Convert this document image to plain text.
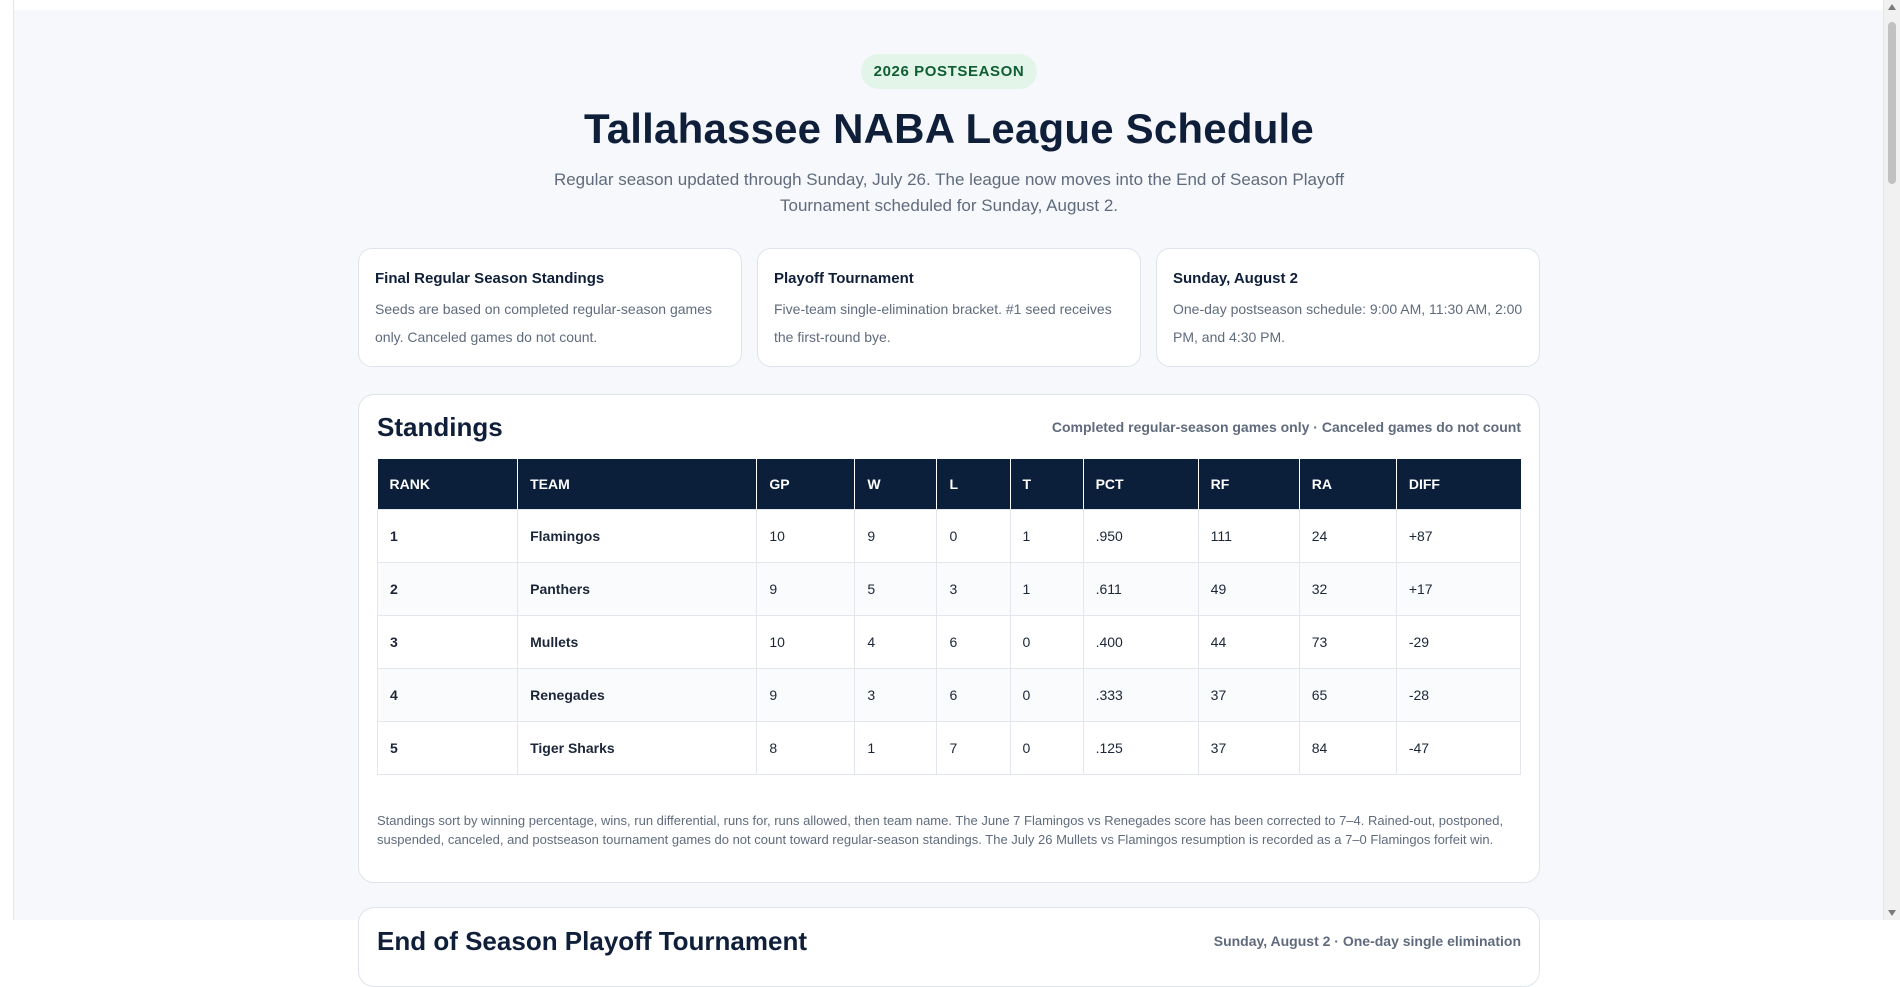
2026 POSTSEASON
Tallahassee NABA League Schedule

Regular season updated through Sunday, July 26. The league now moves into the End of Season Playoff Tournament scheduled for Sunday, August 2.

Final Regular Season Standings
Seeds are based on completed regular-season games only. Canceled games do not count.
Playoff Tournament
Five-team single-elimination bracket. #1 seed receives the first-round bye.
Sunday, August 2
One-day postseason schedule: 9:00 AM, 11:30 AM, 2:00 PM, and 4:30 PM.
Standings	Completed regular-season games only · Canceled games do not count
RANK	TEAM	GP	W	L	T	PCT	RF	RA	DIFF
1	Flamingos	10	9	0	1	.950	111	24	+87
2	Panthers	9	5	3	1	.611	49	32	+17
3	Mullets	10	4	6	0	.400	44	73	-29
4	Renegades	9	3	6	0	.333	37	65	-28
5	Tiger Sharks	8	1	7	0	.125	37	84	-47

Standings sort by winning percentage, wins, run differential, runs for, runs allowed, then team name. The June 7 Flamingos vs Renegades score has been corrected to 7–4. Rained-out, postponed, suspended, canceled, and postseason tournament games do not count toward regular-season standings. The July 26 Mullets vs Flamingos resumption is recorded as a 7–0 Flamingos forfeit win.

End of Season Playoff Tournament	Sunday, August 2 · One-day single elimination
